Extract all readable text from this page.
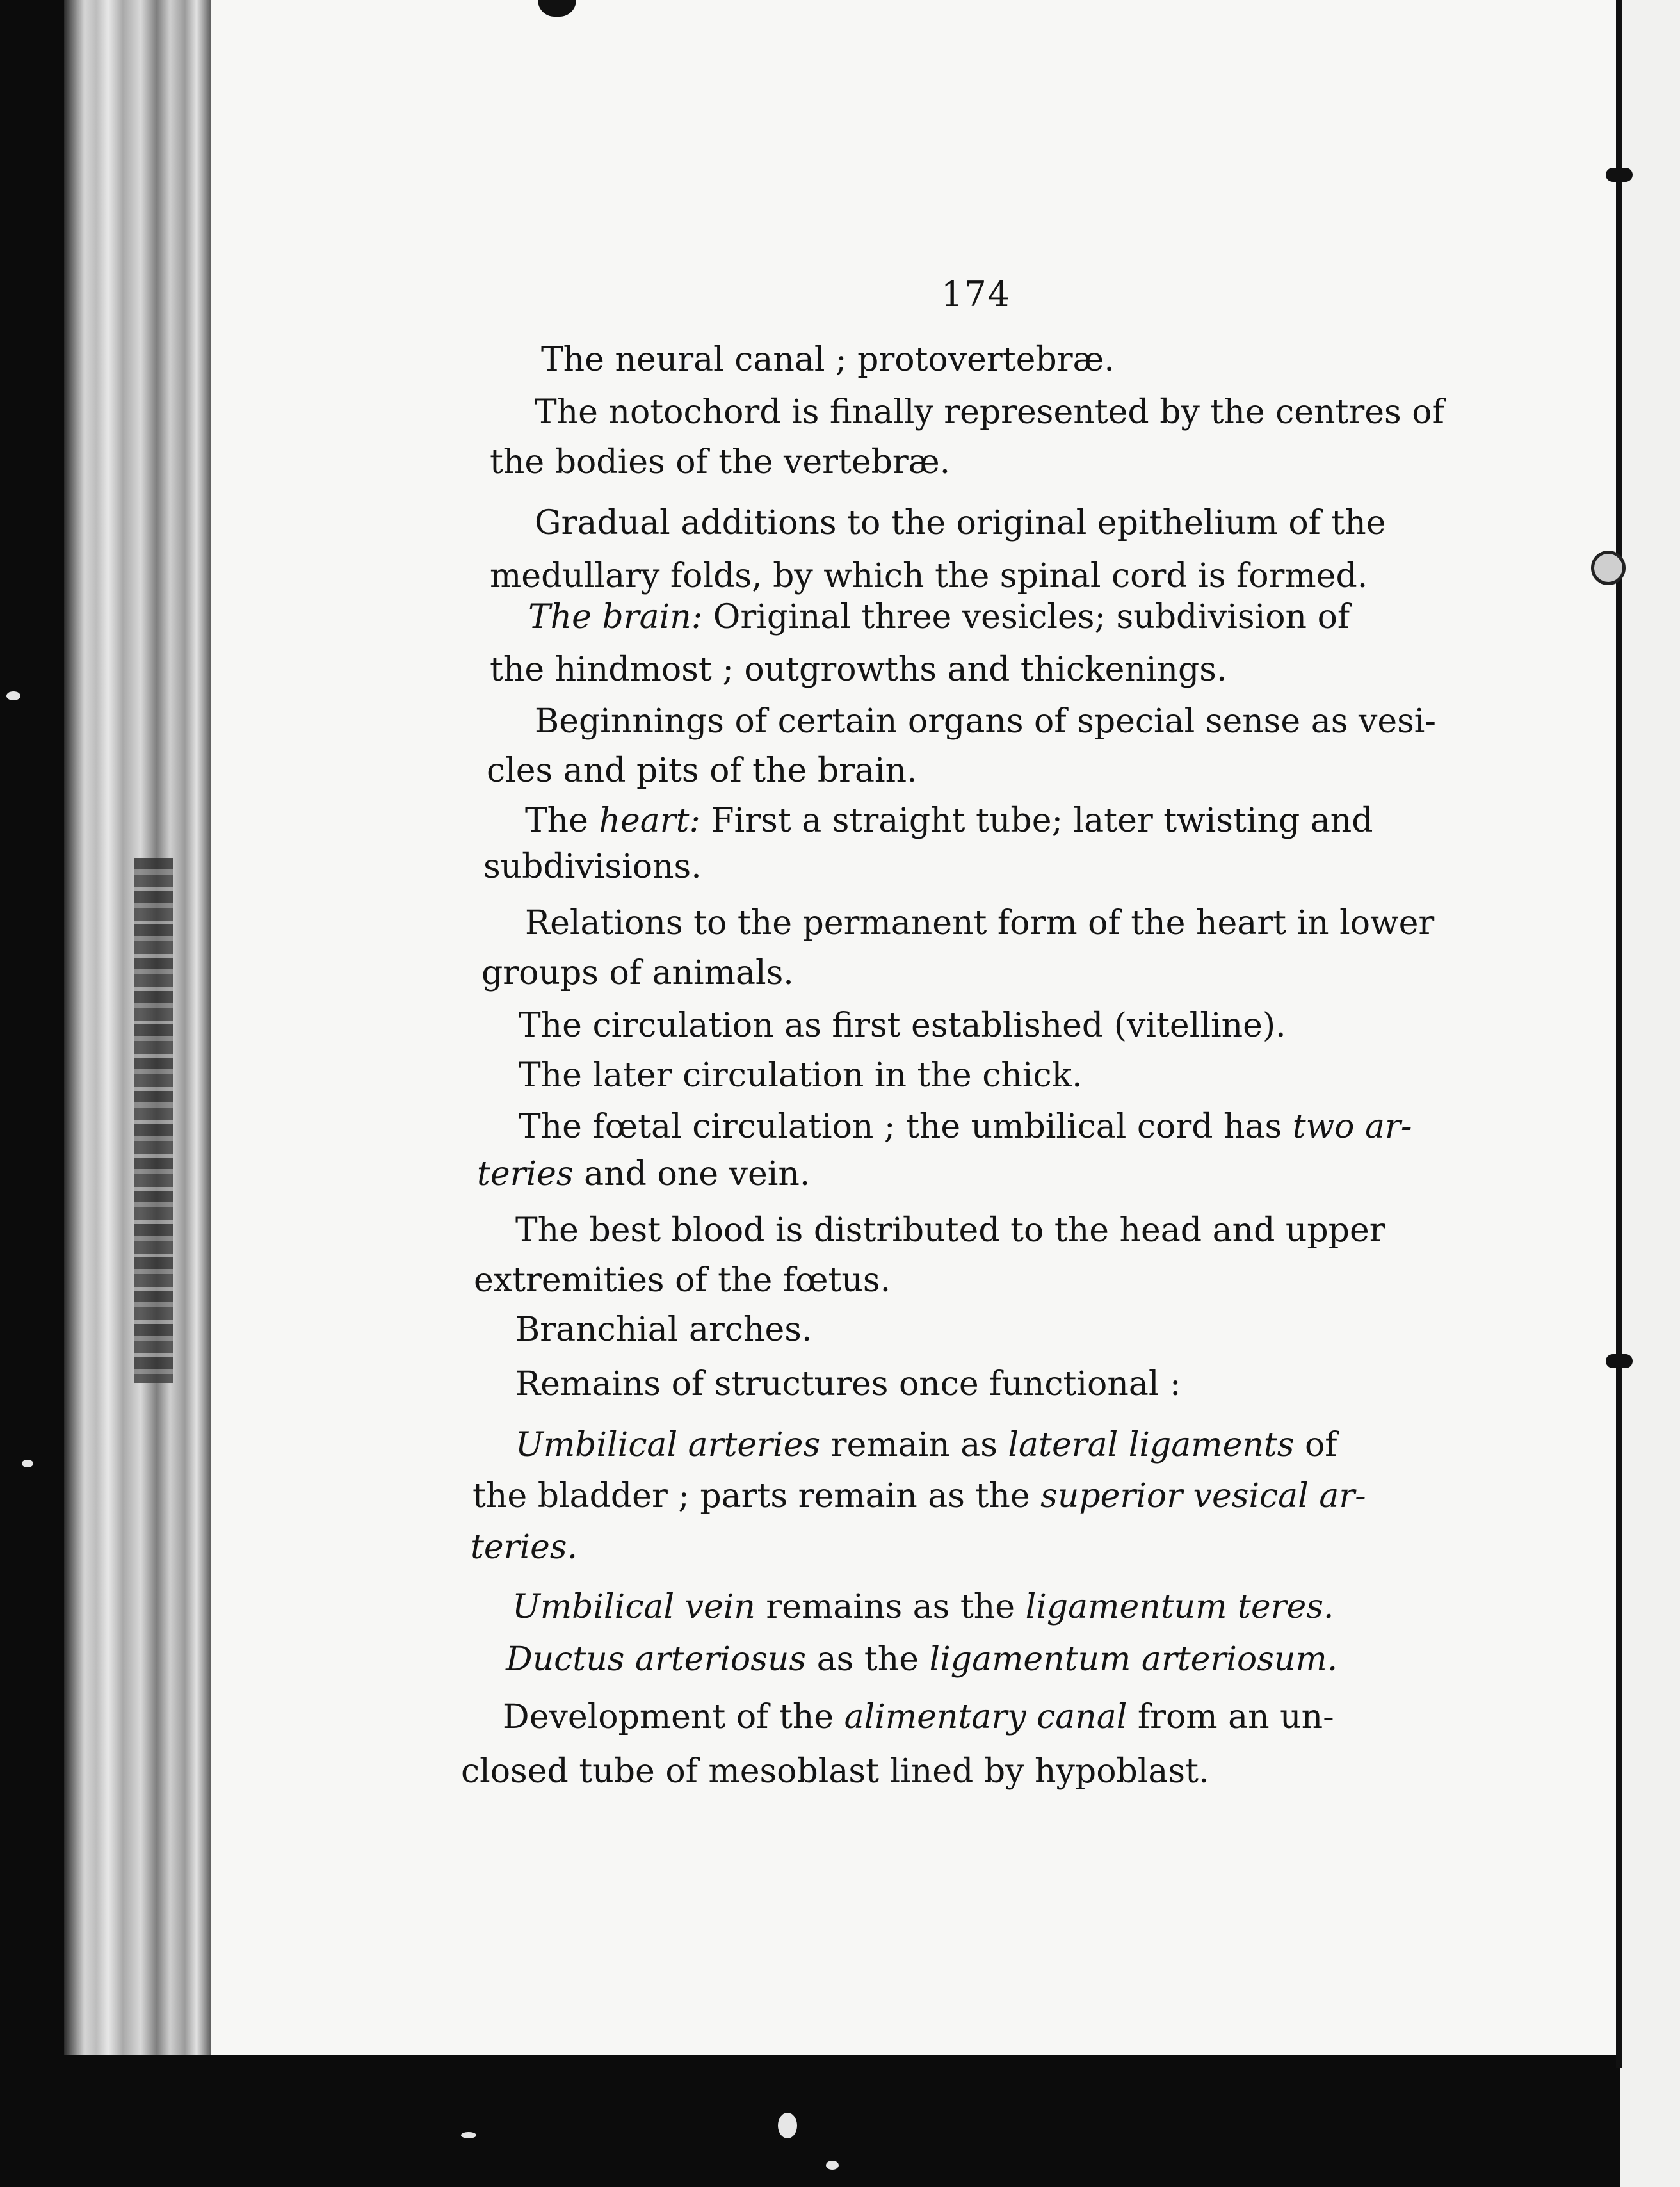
174

The neural canal ; protovertebræ.

The notochord is finally represented by the centres of

the bodies of the vertebræ.

Gradual additions to the original epithelium of the

medullary folds, by which the spinal cord is formed.

The brain: Original three vesicles; subdivision of

the hindmost ; outgrowths and thickenings.

Beginnings of certain organs of special sense as vesi-

cles and pits of the brain.

The heart: First a straight tube; later twisting and

subdivisions.

Relations to the permanent form of the heart in lower

groups of animals.

The circulation as first established (vitelline).

The later circulation in the chick.

The fœtal circulation ; the umbilical cord has two ar-

teries and one vein.

The best blood is distributed to the head and upper

extremities of the fœtus.

Branchial arches.

Remains of structures once functional :

Umbilical arteries remain as lateral ligaments of

the bladder ; parts remain as the superior vesical ar-

teries.

Umbilical vein remains as the ligamentum teres.

Ductus arteriosus as the ligamentum arteriosum.

Development of the alimentary canal from an un-

closed tube of mesoblast lined by hypoblast.
